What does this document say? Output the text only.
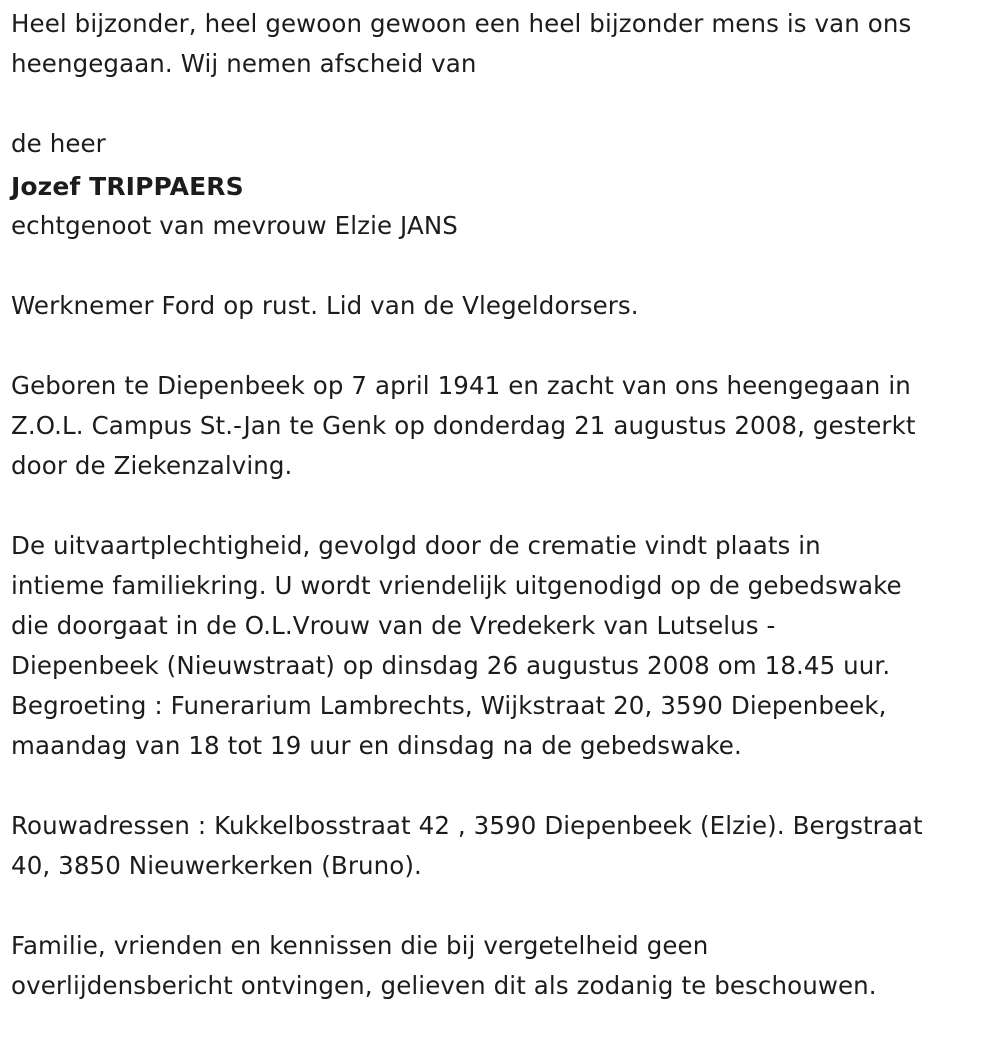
Heel bijzonder, heel gewoon gewoon een heel bijzonder mens is van ons
heengegaan. Wij nemen afscheid van

de heer

Jozef TRIPPAERS

echtgenoot van mevrouw Elzie JANS

Werknemer Ford op rust. Lid van de Vlegeldorsers.

Geboren te Diepenbeek op 7 april 1941 en zacht van ons heengegaan in
Z.O.L. Campus St.-Jan te Genk op donderdag 21 augustus 2008, gesterkt
door de Ziekenzalving.

De uitvaartplechtigheid, gevolgd door de crematie vindt plaats in
intieme familiekring. U wordt vriendelijk uitgenodigd op de gebedswake
die doorgaat in de O.L.Vrouw van de Vredekerk van Lutselus -
Diepenbeek (Nieuwstraat) op dinsdag 26 augustus 2008 om 18.45 uur.
Begroeting : Funerarium Lambrechts, Wijkstraat 20, 3590 Diepenbeek,
maandag van 18 tot 19 uur en dinsdag na de gebedswake.

Rouwadressen : Kukkelbosstraat 42 , 3590 Diepenbeek (Elzie). Bergstraat
40, 3850 Nieuwerkerken (Bruno).

Familie, vrienden en kennissen die bij vergetelheid geen
overlijdensbericht ontvingen, gelieven dit als zodanig te beschouwen.
